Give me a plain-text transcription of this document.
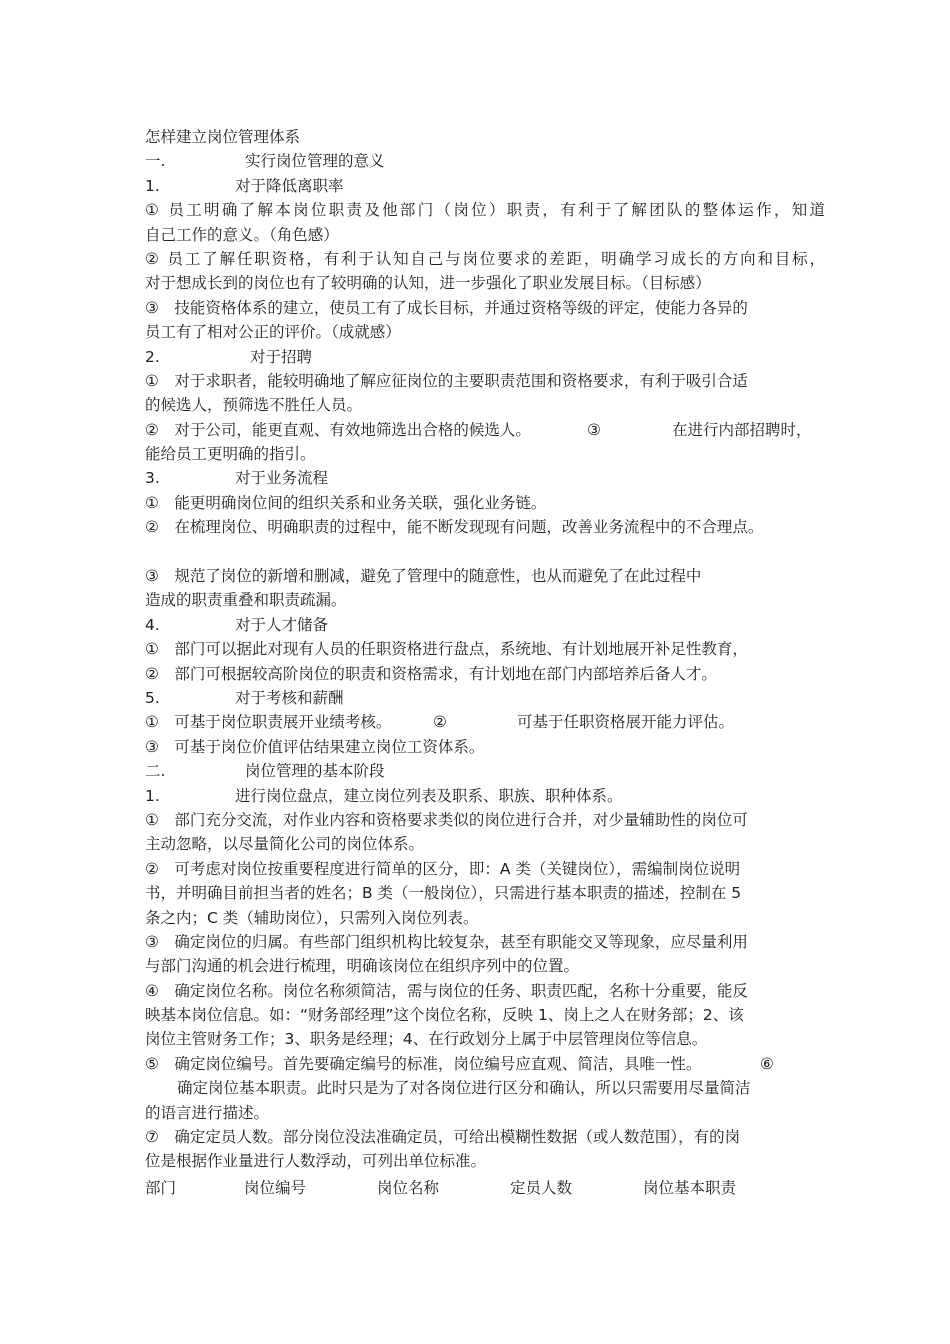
怎样建立岗位管理体系
一.	实行岗位管理的意义
1.	对于降低离职率
① 员工明确了解本岗位职责及他部门（岗位）职责，有利于了解团队的整体运作，知道
自己工作的意义。（角色感）
② 员工了解任职资格，有利于认知自己与岗位要求的差距，明确学习成长的方向和目标，
对于想成长到的岗位也有了较明确的认知，进一步强化了职业发展目标。（目标感）
③　技能资格体系的建立，使员工有了成长目标，并通过资格等级的评定，使能力各异的
员工有了相对公正的评价。（成就感）
2.	对于招聘
①　对于求职者，能较明确地了解应征岗位的主要职责范围和资格要求，有利于吸引合适
的候选人，预筛选不胜任人员。
②　对于公司，能更直观、有效地筛选出合格的候选人。	③	在进行内部招聘时，
能给员工更明确的指引。
3.	对于业务流程
①　能更明确岗位间的组织关系和业务关联，强化业务链。
②　在梳理岗位、明确职责的过程中，能不断发现现有问题，改善业务流程中的不合理点。
③　规范了岗位的新增和删减，避免了管理中的随意性，也从而避免了在此过程中
造成的职责重叠和职责疏漏。
4.	对于人才储备
①　部门可以据此对现有人员的任职资格进行盘点，系统地、有计划地展开补足性教育，
②　部门可根据较高阶岗位的职责和资格需求，有计划地在部门内部培养后备人才。
5.	对于考核和薪酬
①　可基于岗位职责展开业绩考核。	②	可基于任职资格展开能力评估。
③　可基于岗位价值评估结果建立岗位工资体系。
二.	岗位管理的基本阶段
1.	进行岗位盘点，建立岗位列表及职系、职族、职种体系。
①　部门充分交流，对作业内容和资格要求类似的岗位进行合并，对少量辅助性的岗位可
主动忽略，以尽量简化公司的岗位体系。
②　可考虑对岗位按重要程度进行简单的区分，即：A 类（关键岗位），需编制岗位说明
书，并明确目前担当者的姓名；B 类（一般岗位），只需进行基本职责的描述，控制在 5
条之内；C 类（辅助岗位），只需列入岗位列表。
③　确定岗位的归属。有些部门组织机构比较复杂，甚至有职能交叉等现象，应尽量利用
与部门沟通的机会进行梳理，明确该岗位在组织序列中的位置。
④　确定岗位名称。岗位名称须简洁，需与岗位的任务、职责匹配，名称十分重要，能反
映基本岗位信息。如：“财务部经理”这个岗位名称，反映 1、岗上之人在财务部；2、该
岗位主管财务工作；3、职务是经理；4、在行政划分上属于中层管理岗位等信息。
⑤　确定岗位编号。首先要确定编号的标准，岗位编号应直观、简洁，具唯一性。	⑥
确定岗位基本职责。此时只是为了对各岗位进行区分和确认，所以只需要用尽量简洁
的语言进行描述。
⑦　确定定员人数。部分岗位没法准确定员，可给出模糊性数据（或人数范围），有的岗
位是根据作业量进行人数浮动，可列出单位标准。
部门	岗位编号	岗位名称	定员人数	岗位基本职责
